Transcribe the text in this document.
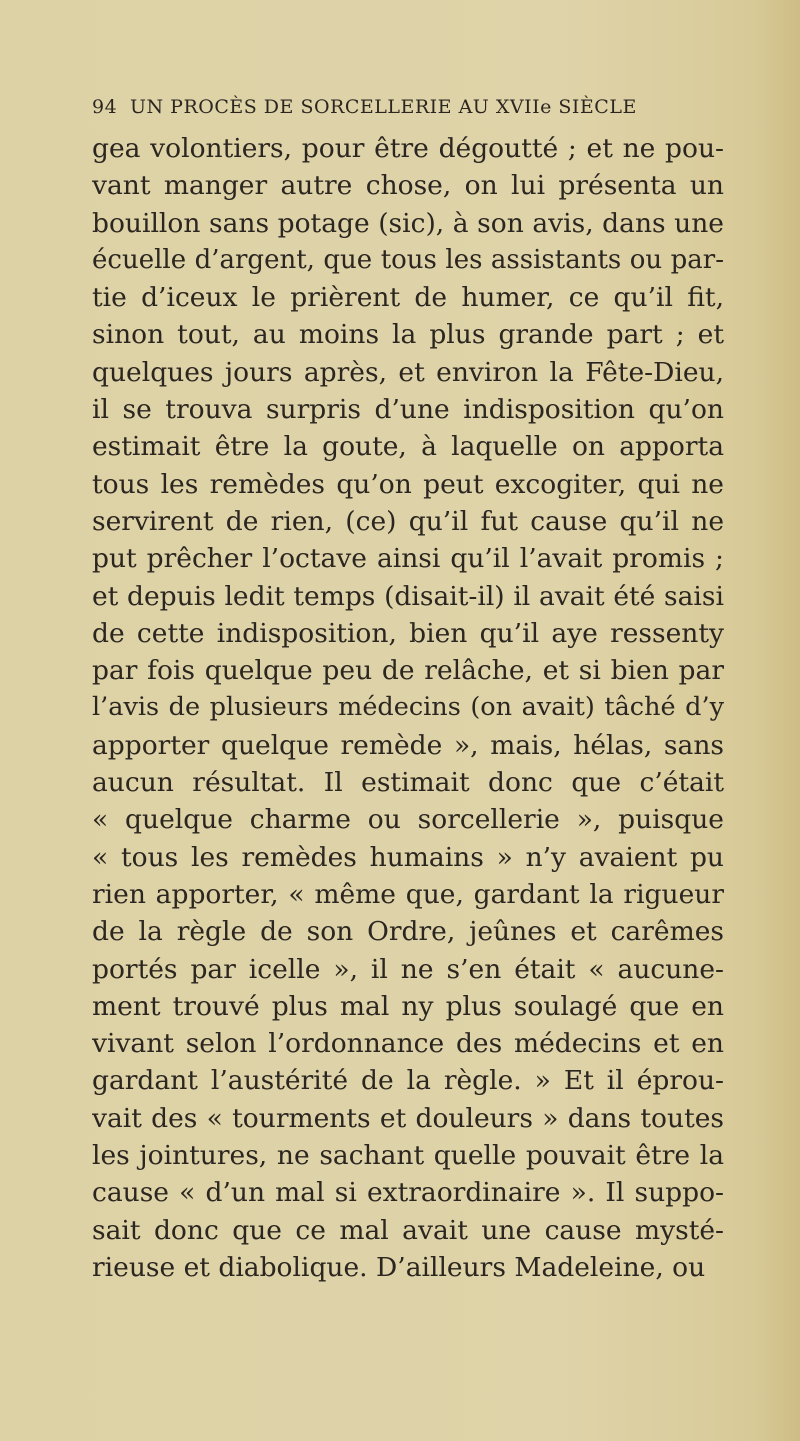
94 UN PROCÈS DE SORCELLERIE AU XVIIe SIÈCLE
gea volontiers, pour être dégoutté ; et ne pou-
vant manger autre chose, on lui présenta un
bouillon sans potage (sic), à son avis, dans une
écuelle d’argent, que tous les assistants ou par-
tie d’iceux le prièrent de humer, ce qu’il fit,
sinon tout, au moins la plus grande part ; et
quelques jours après, et environ la Fête-Dieu,
il se trouva surpris d’une indisposition qu’on
estimait être la goute, à laquelle on apporta
tous les remèdes qu’on peut excogiter, qui ne
servirent de rien, (ce) qu’il fut cause qu’il ne
put prêcher l’octave ainsi qu’il l’avait promis ;
et depuis ledit temps (disait-il) il avait été saisi
de cette indisposition, bien qu’il aye ressenty
par fois quelque peu de relâche, et si bien par
l’avis de plusieurs médecins (on avait) tâché d’y
apporter quelque remède », mais, hélas, sans
aucun résultat. Il estimait donc que c’était
« quelque charme ou sorcellerie », puisque
« tous les remèdes humains » n’y avaient pu
rien apporter, « même que, gardant la rigueur
de la règle de son Ordre, jeûnes et carêmes
portés par icelle », il ne s’en était « aucune-
ment trouvé plus mal ny plus soulagé que en
vivant selon l’ordonnance des médecins et en
gardant l’austérité de la règle. » Et il éprou-
vait des « tourments et douleurs » dans toutes
les jointures, ne sachant quelle pouvait être la
cause « d’un mal si extraordinaire ». Il suppo-
sait donc que ce mal avait une cause mysté-
rieuse et diabolique. D’ailleurs Madeleine, ou
